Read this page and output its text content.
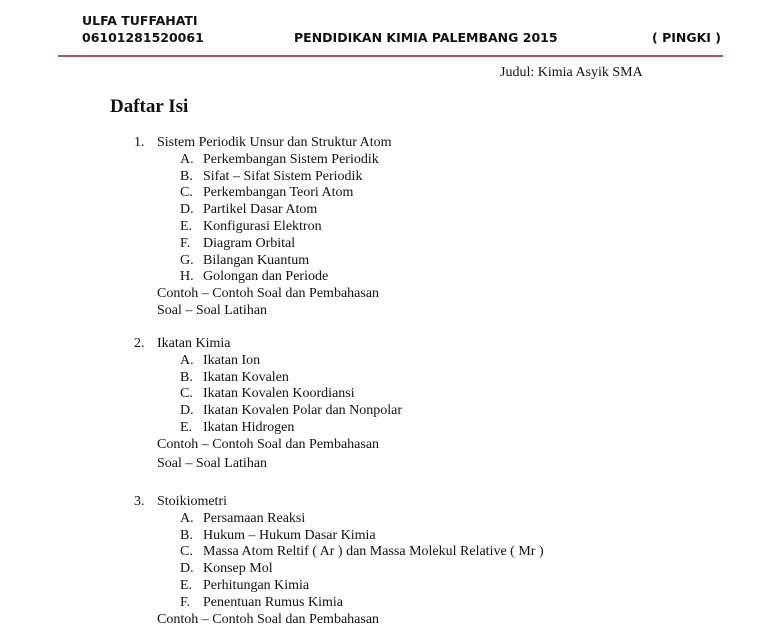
ULFA TUFFAHATI
06101281520061	PENDIDIKAN KIMIA PALEMBANG 2015	( PINGKI )
Judul: Kimia Asyik SMA
Daftar Isi
1. Sistem Periodik Unsur dan Struktur Atom
A. Perkembangan Sistem Periodik
B. Sifat – Sifat Sistem Periodik
C. Perkembangan Teori Atom
D. Partikel Dasar Atom
E. Konfigurasi Elektron
F. Diagram Orbital
G. Bilangan Kuantum
H. Golongan dan Periode
Contoh – Contoh Soal dan Pembahasan
Soal – Soal Latihan
2. Ikatan Kimia
A. Ikatan Ion
B. Ikatan Kovalen
C. Ikatan Kovalen Koordiansi
D. Ikatan Kovalen Polar dan Nonpolar
E. Ikatan Hidrogen
Contoh – Contoh Soal dan Pembahasan
Soal – Soal Latihan
3. Stoikiometri
A. Persamaan Reaksi
B. Hukum – Hukum Dasar Kimia
C. Massa Atom Reltif ( Ar ) dan Massa Molekul Relative ( Mr )
D. Konsep Mol
E. Perhitungan Kimia
F. Penentuan Rumus Kimia
Contoh – Contoh Soal dan Pembahasan
